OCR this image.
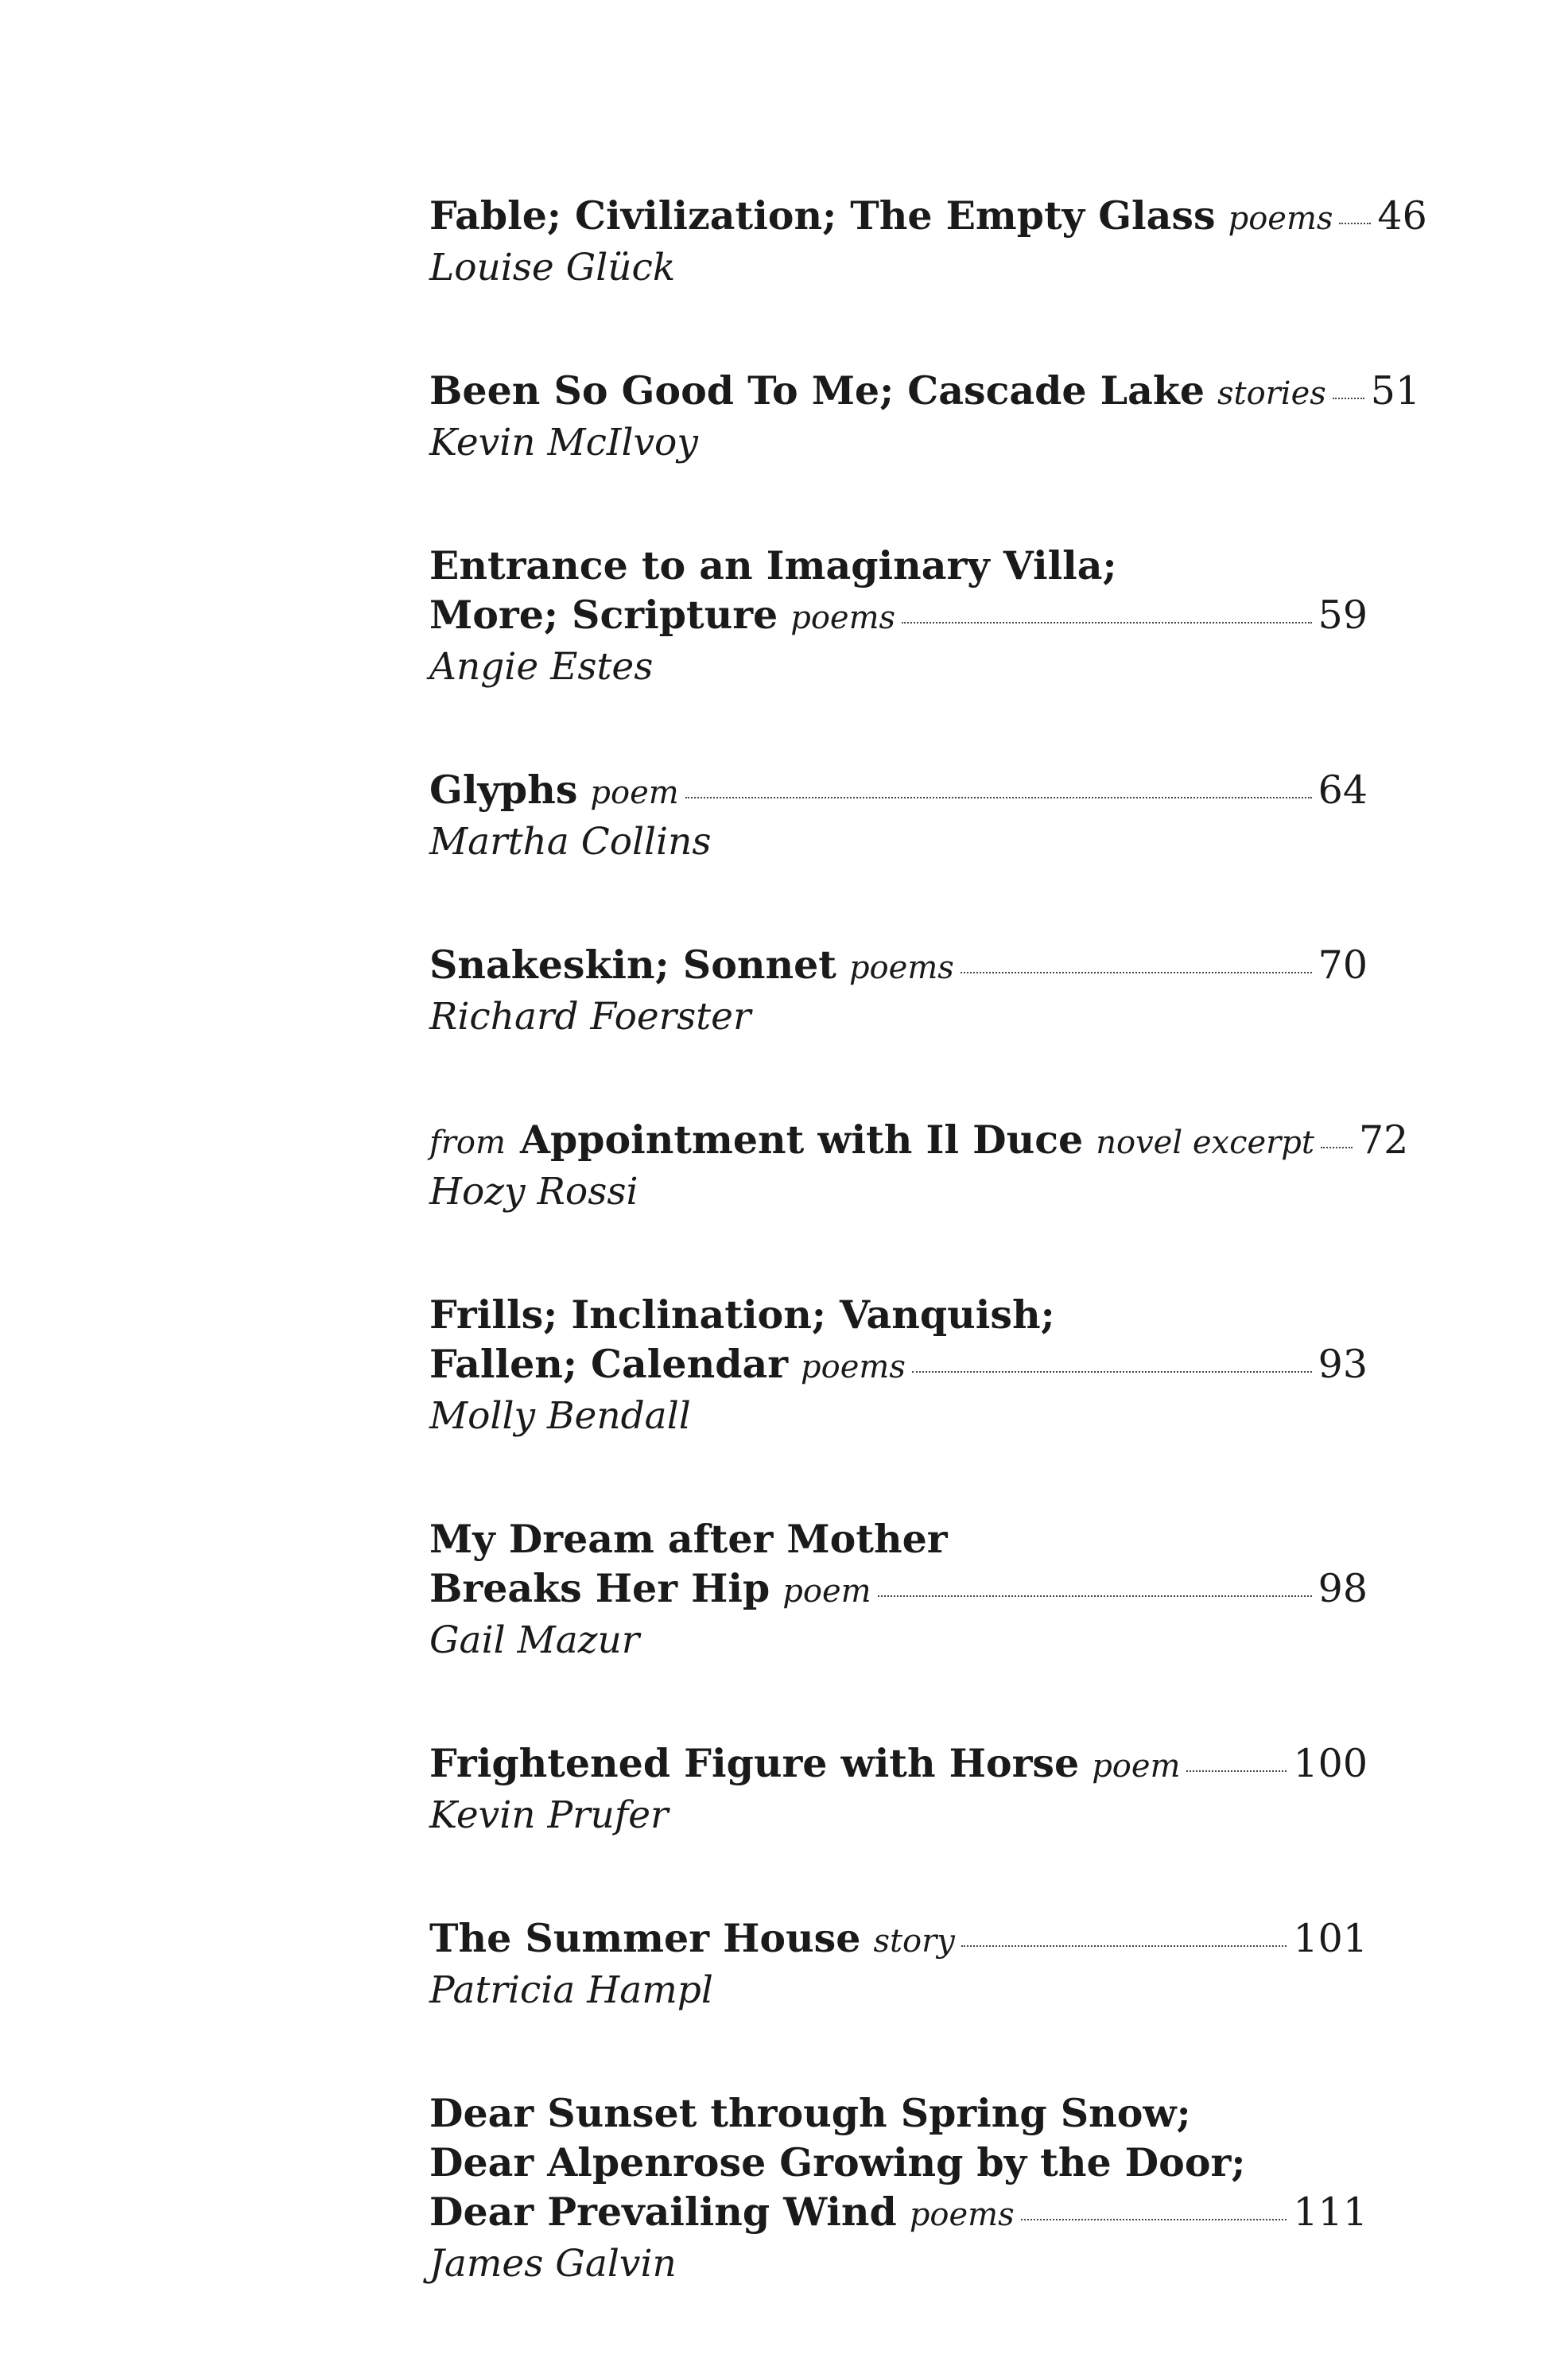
Fable; Civilization; The Empty Glass poems 46
Louise Glück
Been So Good To Me; Cascade Lake stories 51
Kevin McIlvoy
Entrance to an Imaginary Villa;
More; Scripture poems	59
Angie Estes
Glyphs poem	64
Martha Collins
Snakeskin; Sonnet poems	70
Richard Foerster
from Appointment with Il Duce novel excerpt 72
Hozy Rossi
Frills; Inclination; Vanquish;
Fallen; Calendar poems	93
Molly Bendall
My Dream after Mother
Breaks Her Hip poem	98
Gail Mazur
Frightened Figure with Horse poem	100
Kevin Prufer
The Summer House story	101
Patricia Hampl
Dear Sunset through Spring Snow;
Dear Alpenrose Growing by the Door;
Dear Prevailing Wind poems	111
James Galvin
